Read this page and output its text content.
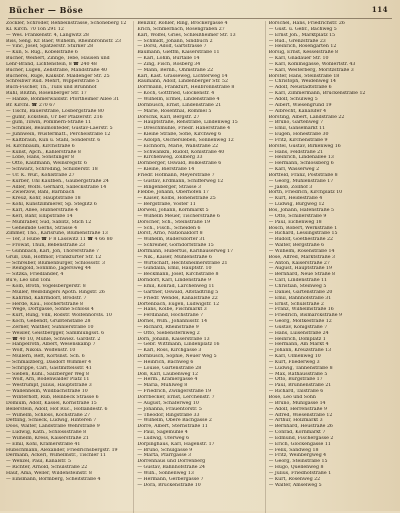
Bücher — Böse	114
Zöckler, Schröder, Rehbeinstrasse, Schöneberg 12
Kl. Kirch. 70 Ton 291 12
— Wes. Frankenstr. 4, Langwitz 28
Biss, Seng. Kr. Baer, Wilhelm, Rheinbronnstr. 23
— Vinc, Josef, Spatzerstr. Stürker 28
— Kun, S. Rüg., Kobelstraße 6
Bücher, Weihert, Zinnge, Tebe, Hausen und
Lehr-Brand, Lichtenstein, 8 ☎ 240 48
Bücher, Lügen, Zellstraße, Mandstraße 40
Bücherei, Rüge, Kalksbr. Maldenger Str. 25
Schreibwr Rud. Mehrt, Wipperstraße 5
Büch-Fischer, Th., Tulls und Brunnhof
Ruhl, Blüthn, Rosenberger Str. 17
— Hanke, Böhmerwaldstr. Pfortheimer Allee 31
Br. Kirchl. ☎ 270 67
— Tischl, Bauerstraße, Lösbergstraße 80
— gumr, Eckstein, Ur ber Pfalzerstr. 216
— gum, Tilwin, Pommern-Straße 11
— Schmiel, Beaumonteder, Gustav-Laerstr. 5
— Juhnwein, Wüstermatt., Perchelstraße 12
— Kaltbraun, Kun u. Stahl, Sonderstr. 6
H. Kirchbaum, Kirchstraße 6
— Kunst, Apch., Kahlerstraße 8
— Lobe, Hans, Sonstunger 8
— Otto, Kaufmann, Weinsregstr. 6
— Schwarz, Schröding, Schilderstr. 18
— Ur. K. Wür., Kohlstraße 27
— Kurber, Uhl Kaufbeh., Gaubergstraße 24
— Adler, Wolfs. Gerhard, Salleckstraße 14
— Zwierzow, Bahl, Bärnbach
— Kreuz, Köhr, Hauptstraße 18
— Kohl, Kunstzimmerer, Sp. Steglitz 6
— Karl, Allee, Hübnerstraße 4
— Kerl, Bahr, Ellipstraße 14
— Mühlraber, Süd, Sablitz, Stich 12
— Geheimde Gerhs, Strasse 4
Zimmer, Tho., Karlsruhe, Blumenstraße 13
— Ter, 3 Hübe ☎ F 8 Lasswitz 11 ☎ 4 66 80
— Frowat, Thun, Bebenstraße 23
— Gunnbach, Karl, Joh, Thorerstraße 7
Gruß, Dan, Hoffmor, Frankfurter Str. 12
— Schreiber, Blumenbürger, Schlossstr. 3
— Reingold, Sonnmo, Jägersweg 44
— Sitzka, Friedländer, 4
Bu'e, Leo und Toni
— Kolb, Broth, Vogelsbergerstr. 8
— Müller, Weißdingers Apoth. Ringstr. 26
— Kahrlnd, Kahrmdorf, Brodstr. 7
— Herde, Kau., Hochertstraße 8
— Wege, Dorfgasse, Sohne Schloss 4
— Kurt, Rung, Vdk, Rodstr. Wolfenhorsts. 10
— Koch, Gebendt, Grußtenstaße 28
— Zerner, Walther, Sühnlerstraße 10
— Weisler, Geistbergger, Sammlungsst. 6
— ☎ 40 10, Mühle, Schwiez. Gardstr. 2
— Hanpelroth, Albert, Wesenskamp 7
— Wolf, Nikola. Wolfenstr. 10
— Müllern, Reft, Kortsnst. Sch. 6
— Schmalzberg, Dasdorf Wimmer 4
— Schrippe, Carl, Gastmittelsstr. 41
— Sieben, Kuhl., Salzberger Weg 8
— Wolf, Arn, Bodenwalder Platz 11
— Westrumpf, Julius, Hauptstraße 3
— Wallenheim, Wildbachstraße 10
— Winterhoff, Rub, Reinbeck Strasse 6
Domium, Adolf, Kassel, Kornstraße 15
Bellerstein, Adolf, Hof Rüc., Hoflandestr. 6
— Wilhelm, Schlöss, Kochstraße 27
Dettling, Schieck, Ludwig, Hinteren 7
Doos, Walter, Landstraße Wehrstraße 9
— Ludwig, Kath., Schlossstraße 8
— Wilhelm, Kress, Kaiserstraße 21
— Emil, Kohl, Krämerstraße 41
Hübschmann, Alexander, Friedrichsbergstr. 19
Dermann, Ackerl, Wilhelmstr., Tischler 11
— Wenzel, Paul, Kanalstr. 5
— Richter, Arnold, Schulstraße 22
Hauf, Ama, Weller, Wildensteinstr. 8
— Einsmann, Bormberg, Scheitstraße 4
Benzinr, Rohler, Ring, Bröckergasse 4
Erich, Schmerbach, Rosengraben 27
Karl, Wölfel, Gries, Schleißheimer Str. 13
— Schmidt, Johann, Sindbuch 2
— Dörsl, Adolf, Gartstrasse 7
Baumann, Gieffm, Kaiserstraße 11
— Karl, Lohm, Burtalle 14
— Zing, Fisch, Rosberg 34
— Mann, Bernh., Ohmstraße 22
Karl, Kast. Grasseweg, Lichterweg 14
Raumann, Adolf, Lindenberger Str. 52
Dörrmann, Frankfurt, Heilbronnstraße 8
— Koch, Gottfried, Glockenstr. 4
— Wilhelm, Ermel, Lindenstraße 4
Dornbusch, Ernst, Lindenstraße 21
— Marie, Rosenthal, Rommel 5
Dörschk, Karl, Bergstr. 27
— Hauptstraße, Rehstraße, Lindenweg 15
— Dreschmühle, Friedr. Hanerstraße 4
— Kleine Straße, Sofie, Kirchweg 6
— Adolph, Oschersleben, Sonnenweg 12
— Eichhorn, Marie, Wallstraße 22
— Schwankm, Rudolf, Kohlstraße 40
— Kirchenweg, Zollberg 33
Dörnberger, Oswald, Bölkestraße 6
— Kleine, Bierstraße 14
Friedr. Hofmann, Meyerstraße 7
— Gustav, Erdmann, Schifferweg 12
— Bingenberger, Strasse 3
Flebbe, Johann, Oberhofen 17
— Kaiser, Kolbs, Hohenstraße 25
— Bergstraße, Vöster 11
Dörwell, Johann, Kornmarkt 5
— Wilhelm Meuer, Tischerstraße 6
Dorscher, Sch., Steinstraße 19
— Sch., Fisch., Scheiden 6
Dörst, Arno, Nationaldorf 8
— Wilhelm, Rüdersdorfer 31
— Schreiner, Gorndorfstraße 15
Dorfmann, Hubertus, Karlhauserweg 17
— Nik., Kaiser, Mühlenstraße 6
— Wirtschaft, Hechtsheimerstraße 21
— Gundalla, Emil, Hauptstr. 10
— Beckmann, Josef, Kirchstraße 8
Dorndorf, Karl, Lindenstraße 9
— Emil, Konrad, Lärchenweg 11
— Gartner, Oswald, Altstadtring 5
— Friedr. Wendel, Kanalstraße 22
Dortenbach, Eugen, Ludwigstr. 12
— Hans, Kolbe, Fischmarkt 3
— Ferdinand, Hochstraße 7
Dörnel, Wilh., Johannisstr. 14
— Richard, Rheinstraße 9
— Otto, Siebensternweg 2
Dorn, Johann, Kaiserstraße 13
— Gebr. Wittmann, Lindenplatz 16
— Karl, Ross, Kirchgasse 3
Dornbusch, Sophie, Neuer Weg 5
— Heinrich, Bachweg 6
— Louise, Gartenstraße 28
Doß, Karl, Laubenweg 12
— Herm., Krämergasse 4
— Maria, Mühlweg 8
— Friedrich, Zwingerstraße 19
Dörrbecker, Ernst, Lerchenstr. 7
— August, Schäferweg 10
— Johanna, Frauentorstr. 5
— Theodor, Ringstraße 33
— Wilhelm, Obere Bachgasse 2
Dörre, Albert, Sternstraße 11
— Paul, Sägemühle 4
— Ludwig, Uferweg 6
Dörpinghaus, Karl, Hagenstr. 17
— Bruno, Schulgasse 9
— Marta, Pfarrgasse 3
Dörrenhaus und Dörrenberg
— Gustav, Bahnhofstraße 24
— Wilh., Sonnenweg 13
— Hermann, Gerbergasse 7
— Dora, Brückenstraße 10
Borschel, Hans, Friedrichstr. 26
— Gust. u. Gebr., Bachweg 5
— Ernst Joh., Marktplatz 15
— Rud., Grenzstraße 23
— Heinrich, Rosengarten 12
Borsig, Ernst, Kesselstraße 8
— Karl, Gnadauer Str. 10
— Karl, Kommsgasse, Wöhlertstr. 43
— Karl, Westerberg, Moritzstraße 3
Börster, Hans, Steinstraße 18
— Christoph, Weidenweg 14
— Adolf, Neustadtstraße 6
— Karl, Zimmermann, Brückenstraße 12
— Adolf, Schulweg 5
— Albert, Wiesengrund 19
— Albrecht, Kanalufer 4
Börsting, Albert, Landstraße 22
— Bruno, Gartenweg 7
— Emil, Gänsemarkt 11
— Eugen, Hohestraße 30
— Fritz, Kirchenstraße 9
Borstel, Gustav, Birkenweg 16
— Hans, Feldstraße 21
— Heinrich, Lindenallee 13
— Hermann, Schlossberg 6
— Karl, Wasserweg 2
Bortfeld, Franz, Poststraße 8
— Georg, Mühlenstraße 17
— Jakob, Zollhof 3
Borth, Friedrich, Kirchplatz 10
— Kurt, Heidestraße 4
— Ludwig, Burgweg 12
Bos, Johann, Hafenstraße 5
— Otto, Schillerstraße 9
— Paul, Eichenweg 18
Bosch, Robert, Werkstraße 1
— Richard, Lessingstraße 15
— Rudolf, Goethestraße 22
— Walter, Bergstraße 6
— Wilhelm, Rosenstraße 14
Bose, Alfred, Marktstraße 3
— Anton, Kaiserstraße 27
— August, Hauptstraße 19
— Bernhard, Neue Straße 8
— Carl, Lindenstraße 11
— Christian, Steinweg 5
— Daniel, Gartenstraße 20
— Emil, Bahnhofstraße 31
— Ernst, Schulstraße 2
— Franz, Wilhelmstraße 16
— Friedrich, Bismarckstraße 9
— Georg, Moltkestraße 12
— Gustav, Königstraße 7
— Hans, Luisenstraße 24
— Heinrich, Domplatz 1
— Hermann, Am Markt 4
— Johann, Kreuzstraße 13
— Karl, Ulmenweg 10
— Kurt, Fliederweg 3
— Ludwig, Tannenstraße 8
— Max, Rathausstraße 5
— Otto, Burgstraße 17
— Paul, Brunnenstraße 21
— Richard, Talstraße 6
Bose, Leo und Sohn
— Bruno, Mühlgasse 14
— Adolf, Herrenstraße 9
— Alfred, Wiesenstraße 12
— Arthur, Holzmarkt 3
— Bernhard, Heustraße 26
— Conrad, Kornmarkt 7
— Edmund, Fischergasse 2
— Erich, Glockengasse 11
— Felix, Sandweg 18
— Fritz, Weinbergweg 4
— Georg, Steinstraße 15
— Hugo, Quellenweg 8
— Julius, Friedhofstraße 1
— Kurt, Rosenweg 22
— Walter, Amselweg 5
